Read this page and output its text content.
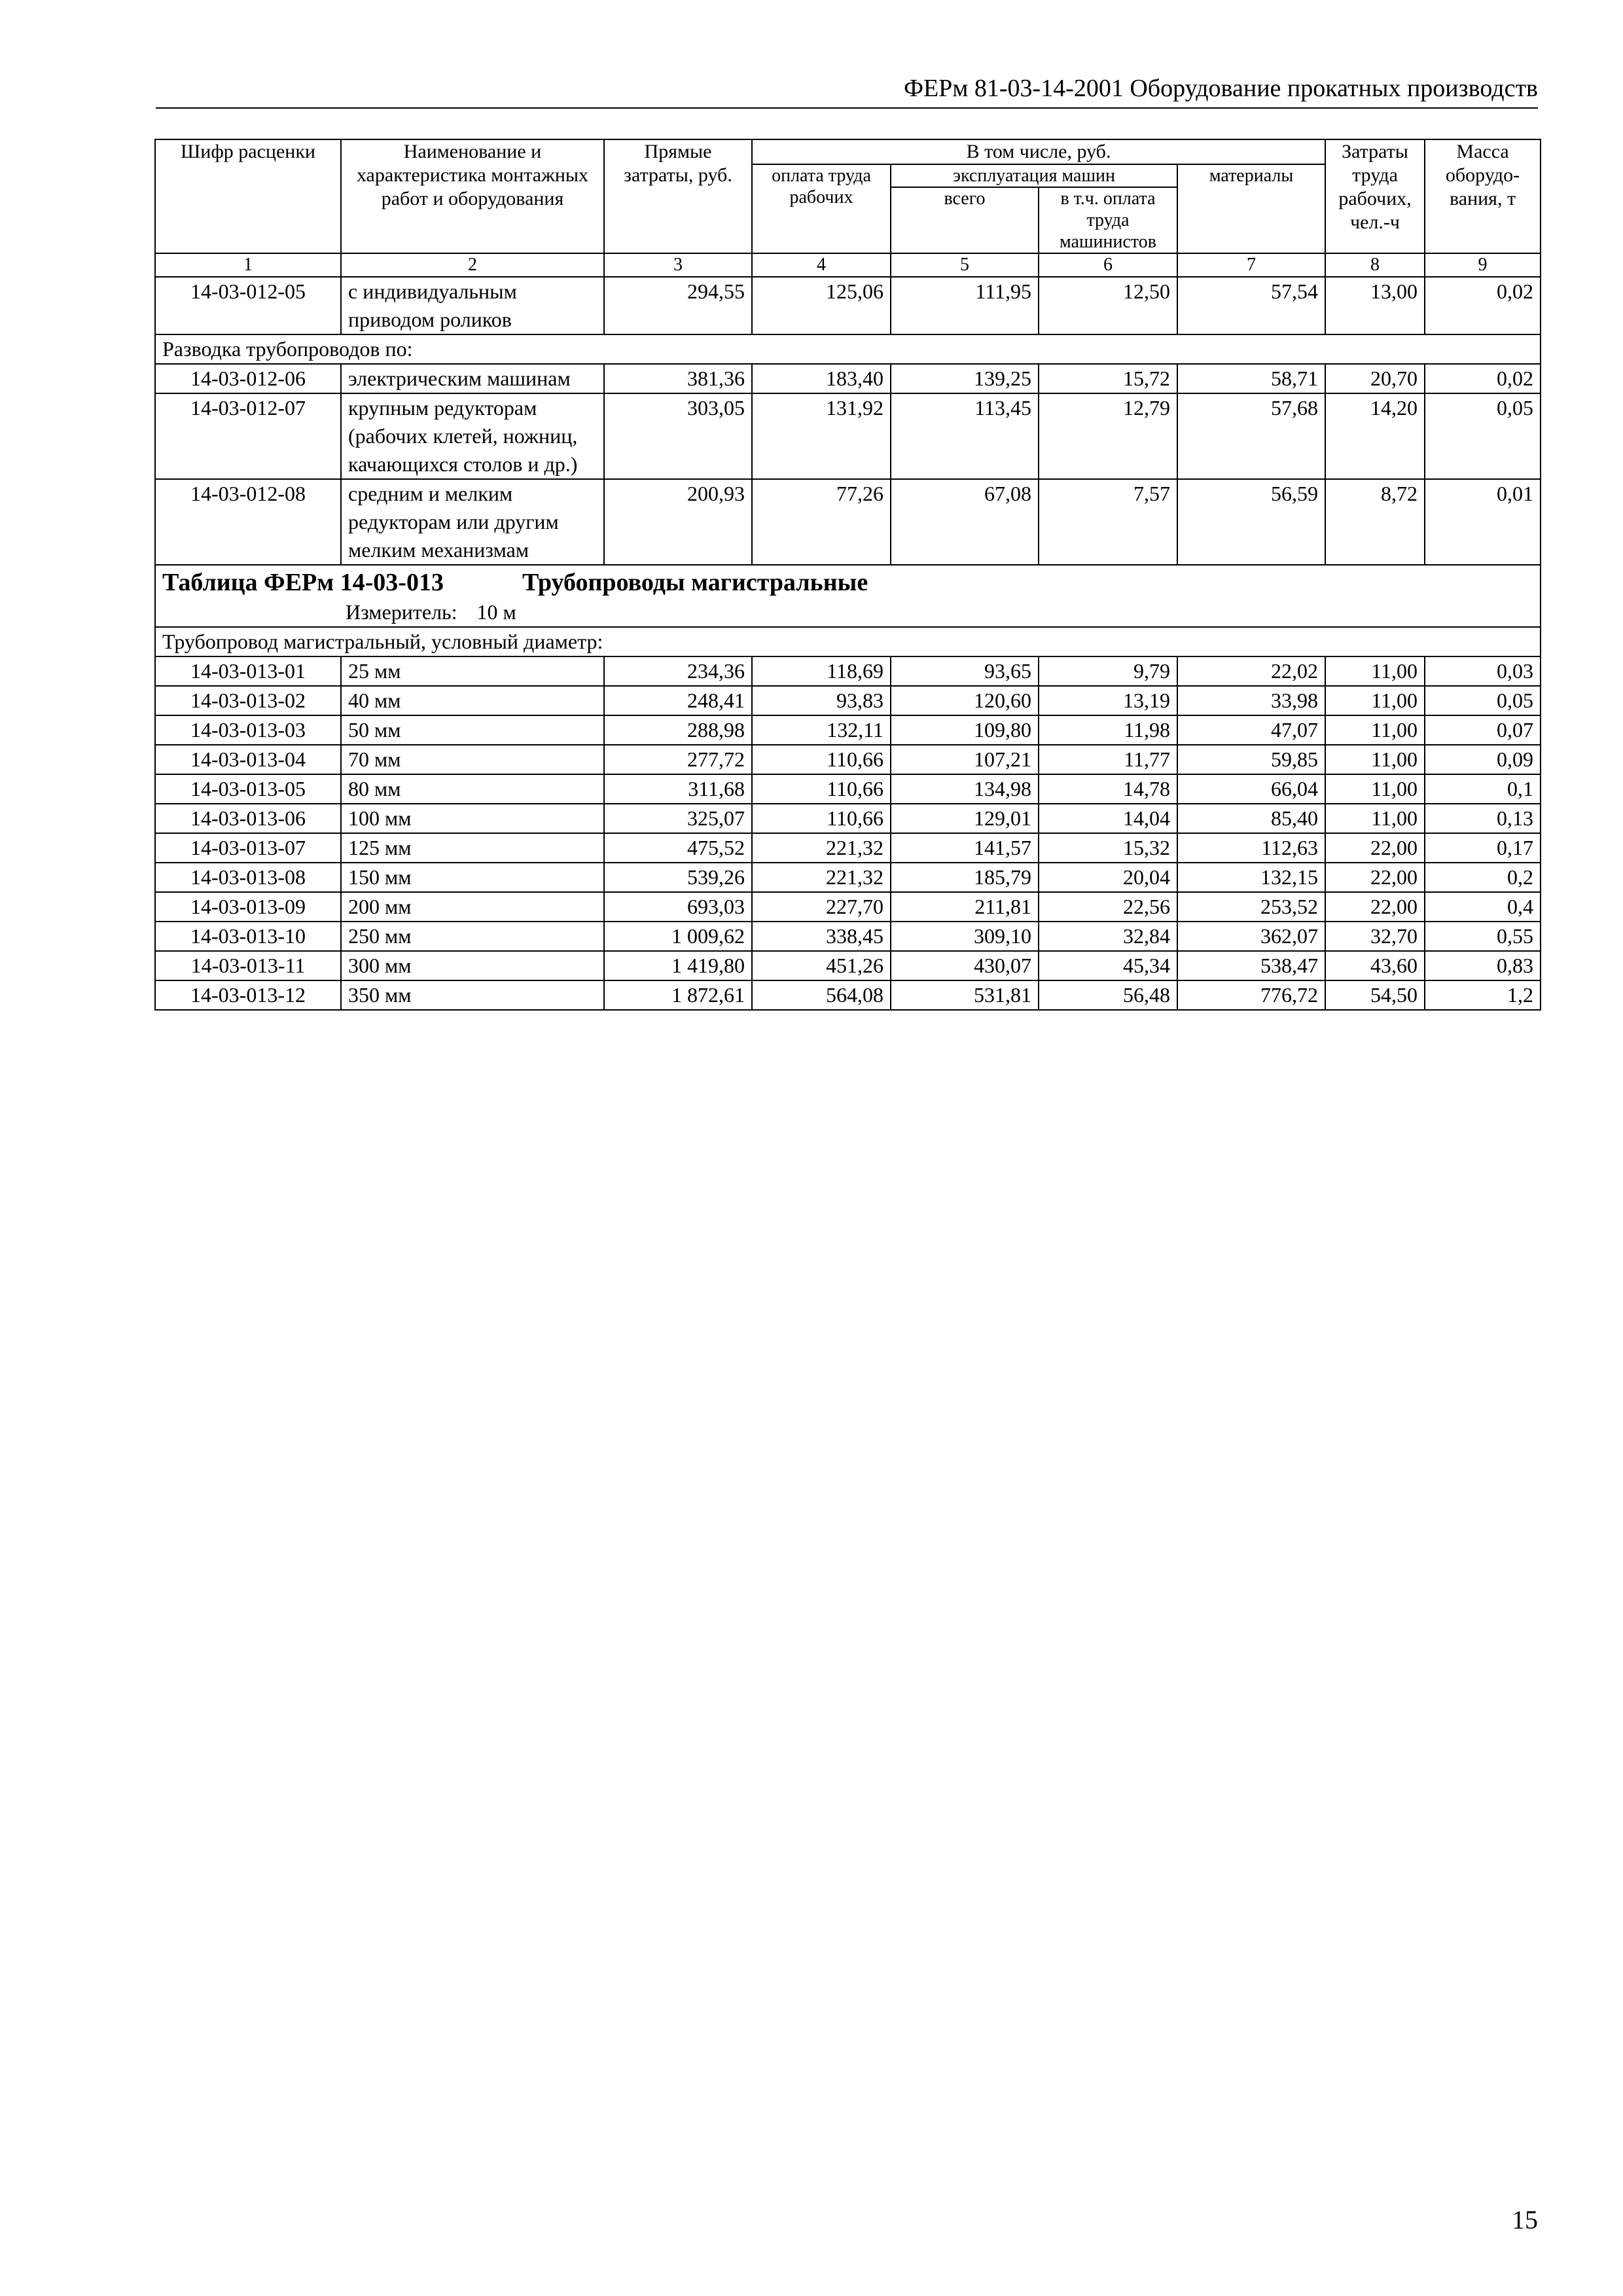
ФЕРм 81-03-14-2001 Оборудование прокатных производств
Шифр расценки	Наименование и характеристика монтажных работ и оборудования	Прямые затраты, руб.	В том числе, руб.				Затраты труда рабочих, чел.-ч	Масса оборудо-вания, т
			оплата труда рабочих	эксплуатация машин		материалы		
				всего	в т.ч. оплата труда машинистов			
1	2	3	4	5	6	7	8	9
14-03-012-05	с индивидуальным приводом роликов	294,55	125,06	111,95	12,50	57,54	13,00	0,02
Разводка трубопроводов по:								
14-03-012-06	электрическим машинам	381,36	183,40	139,25	15,72	58,71	20,70	0,02
14-03-012-07	крупным редукторам (рабочих клетей, ножниц, качающихся столов и др.)	303,05	131,92	113,45	12,79	57,68	14,20	0,05
14-03-012-08	средним и мелким редукторам или другим мелким механизмам	200,93	77,26	67,08	7,57	56,59	8,72	0,01

Таблица ФЕРм 14-03-013 Трубопроводы магистральные
Измеритель: 10 м								

Трубопровод магистральный, условный диаметр:								
14-03-013-01	25 мм	234,36	118,69	93,65	9,79	22,02	11,00	0,03
14-03-013-02	40 мм	248,41	93,83	120,60	13,19	33,98	11,00	0,05
14-03-013-03	50 мм	288,98	132,11	109,80	11,98	47,07	11,00	0,07
14-03-013-04	70 мм	277,72	110,66	107,21	11,77	59,85	11,00	0,09
14-03-013-05	80 мм	311,68	110,66	134,98	14,78	66,04	11,00	0,1
14-03-013-06	100 мм	325,07	110,66	129,01	14,04	85,40	11,00	0,13
14-03-013-07	125 мм	475,52	221,32	141,57	15,32	112,63	22,00	0,17
14-03-013-08	150 мм	539,26	221,32	185,79	20,04	132,15	22,00	0,2
14-03-013-09	200 мм	693,03	227,70	211,81	22,56	253,52	22,00	0,4
14-03-013-10	250 мм	1 009,62	338,45	309,10	32,84	362,07	32,70	0,55
14-03-013-11	300 мм	1 419,80	451,26	430,07	45,34	538,47	43,60	0,83
14-03-013-12	350 мм	1 872,61	564,08	531,81	56,48	776,72	54,50	1,2
15
